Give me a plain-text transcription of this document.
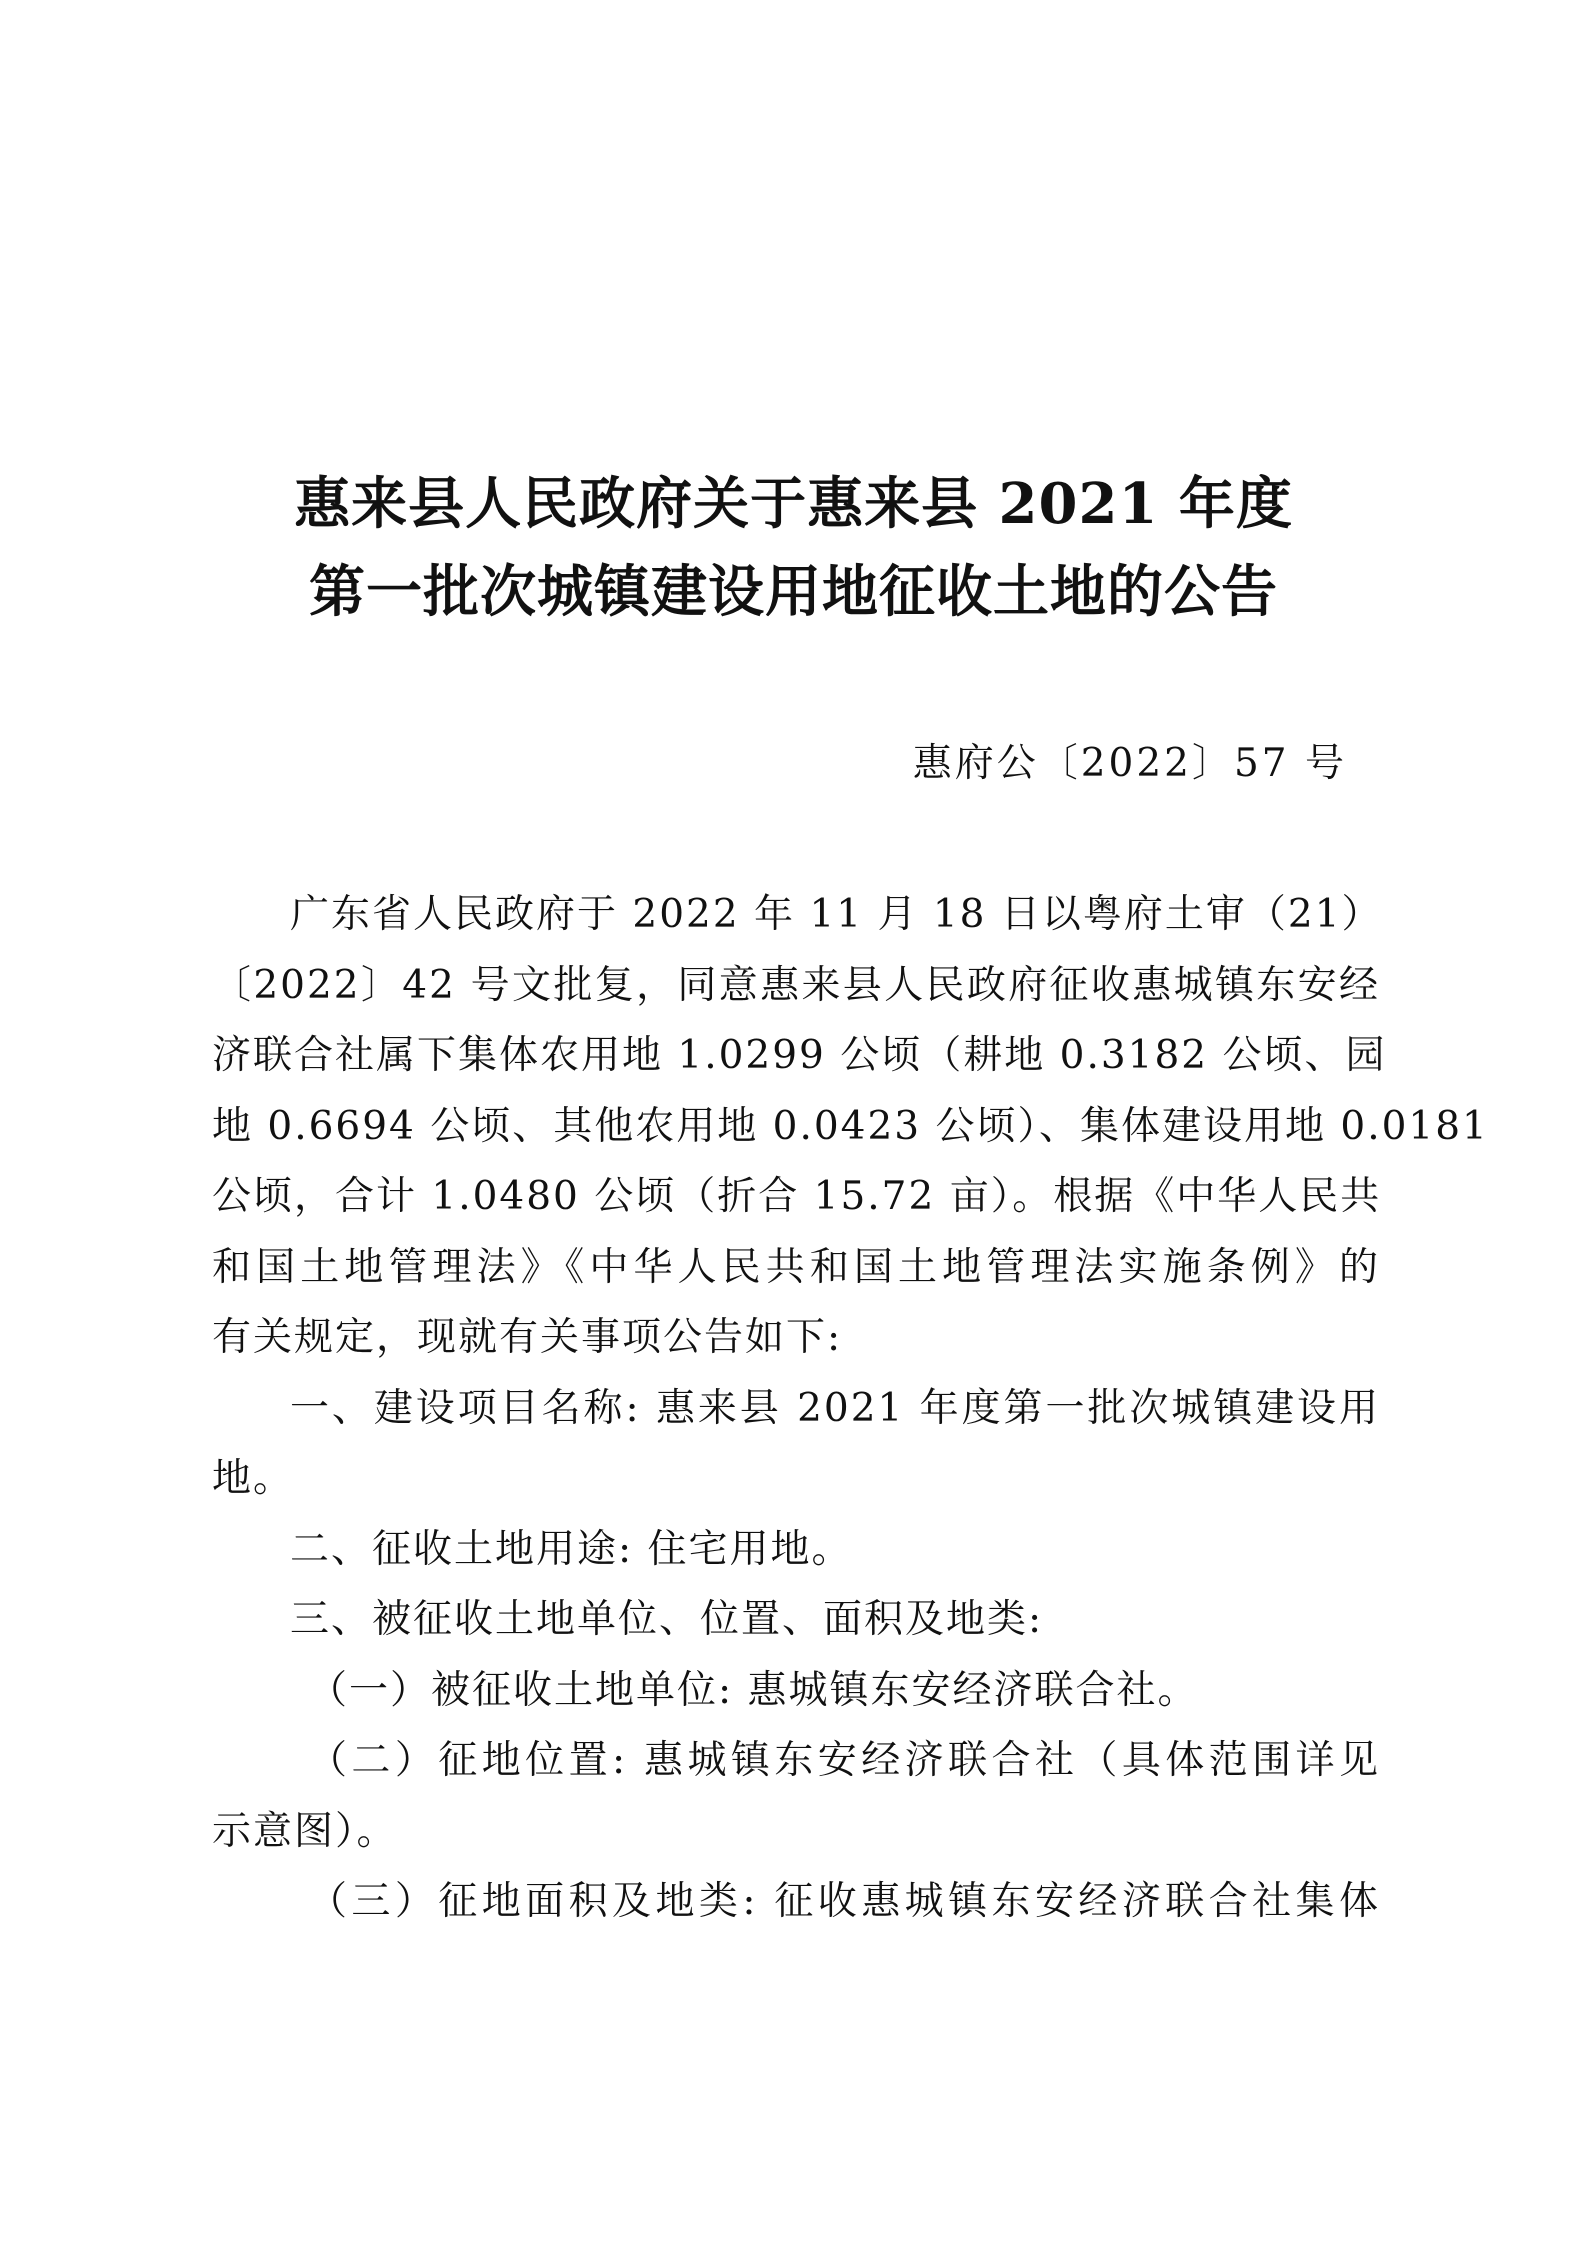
惠来县人民政府关于惠来县 2021 年度
第一批次城镇建设用地征收土地的公告
惠府公〔2022〕57 号
广东省人民政府于 2022 年 11 月 18 日以粤府土审（21）
〔2022〕42 号文批复，同意惠来县人民政府征收惠城镇东安经
济联合社属下集体农用地 1.0299 公顷（耕地 0.3182 公顷、园
地 0.6694 公顷、其他农用地 0.0423 公顷）、集体建设用地 0.0181
公顷，合计 1.0480 公顷（折合 15.72 亩）。根据《中华人民共
和国土地管理法》《中华人民共和国土地管理法实施条例》的
有关规定，现就有关事项公告如下:
一、建设项目名称: 惠来县 2021 年度第一批次城镇建设用
地。
二、征收土地用途: 住宅用地。
三、被征收土地单位、位置、面积及地类:
（一）被征收土地单位: 惠城镇东安经济联合社。
（二）征地位置: 惠城镇东安经济联合社（具体范围详见
示意图）。
（三）征地面积及地类: 征收惠城镇东安经济联合社集体
